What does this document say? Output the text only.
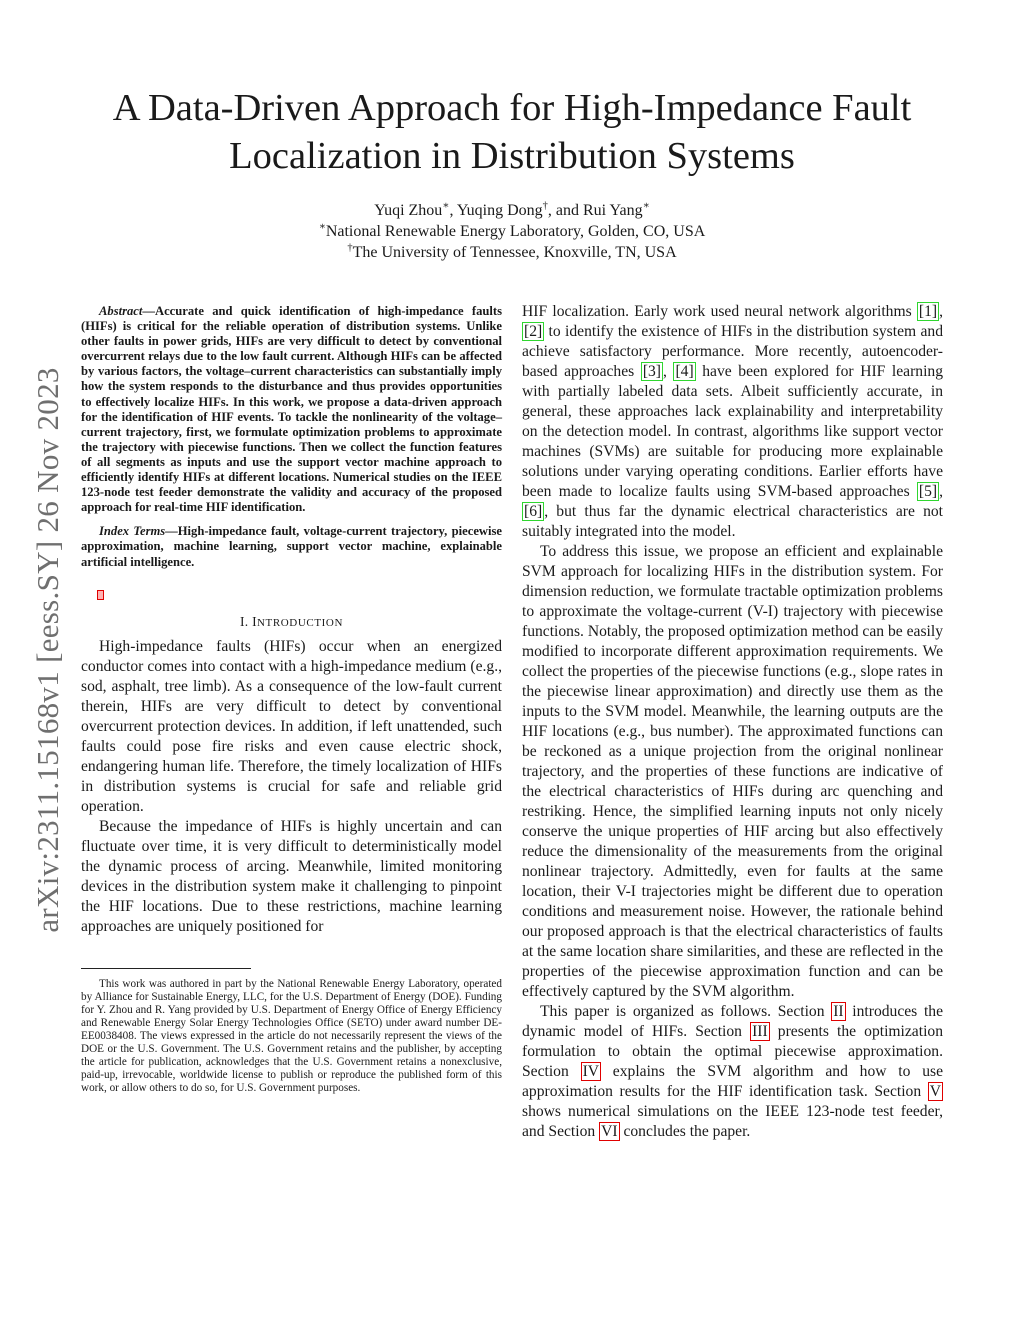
arXiv:2311.15168v1 [eess.SY] 26 Nov 2023
A Data-Driven Approach for High-Impedance Fault Localization in Distribution Systems
Yuqi Zhou∗, Yuqing Dong†, and Rui Yang∗
∗National Renewable Energy Laboratory, Golden, CO, USA
†The University of Tennessee, Knoxville, TN, USA

Abstract—Accurate and quick identification of high-impedance faults (HIFs) is critical for the reliable operation of distribution systems. Unlike other faults in power grids, HIFs are very difficult to detect by conventional overcurrent relays due to the low fault current. Although HIFs can be affected by various factors, the voltage–current characteristics can substantially imply how the system responds to the disturbance and thus provides opportunities to effectively localize HIFs. In this work, we propose a data-driven approach for the identification of HIF events. To tackle the nonlinearity of the voltage–current trajectory, first, we formulate optimization problems to approximate the trajectory with piecewise functions. Then we collect the function features of all segments as inputs and use the support vector machine approach to efficiently identify HIFs at different locations. Numerical studies on the IEEE 123-node test feeder demonstrate the validity and accuracy of the proposed approach for real-time HIF identification.

Index Terms—High-impedance fault, voltage-current trajectory, piecewise approximation, machine learning, support vector machine, explainable artificial intelligence.

I. INTRODUCTION

High-impedance faults (HIFs) occur when an energized conductor comes into contact with a high-impedance medium (e.g., sod, asphalt, tree limb). As a consequence of the low-fault current therein, HIFs are very difficult to detect by conventional overcurrent protection devices. In addition, if left unattended, such faults could pose fire risks and even cause electric shock, endangering human life. Therefore, the timely localization of HIFs in distribution systems is crucial for safe and reliable grid operation.

Because the impedance of HIFs is highly uncertain and can fluctuate over time, it is very difficult to deterministically model the dynamic process of arcing. Meanwhile, limited monitoring devices in the distribution system make it challenging to pinpoint the HIF locations. Due to these restrictions, machine learning approaches are uniquely positioned for

This work was authored in part by the National Renewable Energy Laboratory, operated by Alliance for Sustainable Energy, LLC, for the U.S. Department of Energy (DOE). Funding for Y. Zhou and R. Yang provided by U.S. Department of Energy Office of Energy Efficiency and Renewable Energy Solar Energy Technologies Office (SETO) under award number DE-EE0038408. The views expressed in the article do not necessarily represent the views of the DOE or the U.S. Government. The U.S. Government retains and the publisher, by accepting the article for publication, acknowledges that the U.S. Government retains a nonexclusive, paid-up, irrevocable, worldwide license to publish or reproduce the published form of this work, or allow others to do so, for U.S. Government purposes.

HIF localization. Early work used neural network algorithms [1] , [2] to identify the existence of HIFs in the distribution system and achieve satisfactory performance. More recently, autoencoder-based approaches [3] , [4] have been explored for HIF learning with partially labeled data sets. Albeit sufficiently accurate, in general, these approaches lack explainability and interpretability on the detection model. In contrast, algorithms like support vector machines (SVMs) are suitable for producing more explainable solutions under varying operating conditions. Earlier efforts have been made to localize faults using SVM-based approaches [5] , [6] , but thus far the dynamic electrical characteristics are not suitably integrated into the model.

To address this issue, we propose an efficient and explainable SVM approach for localizing HIFs in the distribution system. For dimension reduction, we formulate tractable optimization problems to approximate the voltage-current (V-I) trajectory with piecewise functions. Notably, the proposed optimization method can be easily modified to incorporate different approximation requirements. We collect the properties of the piecewise functions (e.g., slope rates in the piecewise linear approximation) and directly use them as the inputs to the SVM model. Meanwhile, the learning outputs are the HIF locations (e.g., bus number). The approximated functions can be reckoned as a unique projection from the original nonlinear trajectory, and the properties of these functions are indicative of the electrical characteristics of HIFs during arc quenching and restriking. Hence, the simplified learning inputs not only nicely conserve the unique properties of HIF arcing but also effectively reduce the dimensionality of the measurements from the original nonlinear trajectory. Admittedly, even for faults at the same location, their V-I trajectories might be different due to operation conditions and measurement noise. However, the rationale behind our proposed approach is that the electrical characteristics of faults at the same location share similarities, and these are reflected in the properties of the piecewise approximation function and can be effectively captured by the SVM algorithm.

This paper is organized as follows. Section II introduces the dynamic model of HIFs. Section III presents the optimization formulation to obtain the optimal piecewise approximation. Section IV explains the SVM algorithm and how to use approximation results for the HIF identification task. Section V shows numerical simulations on the IEEE 123-node test feeder, and Section VI concludes the paper.
